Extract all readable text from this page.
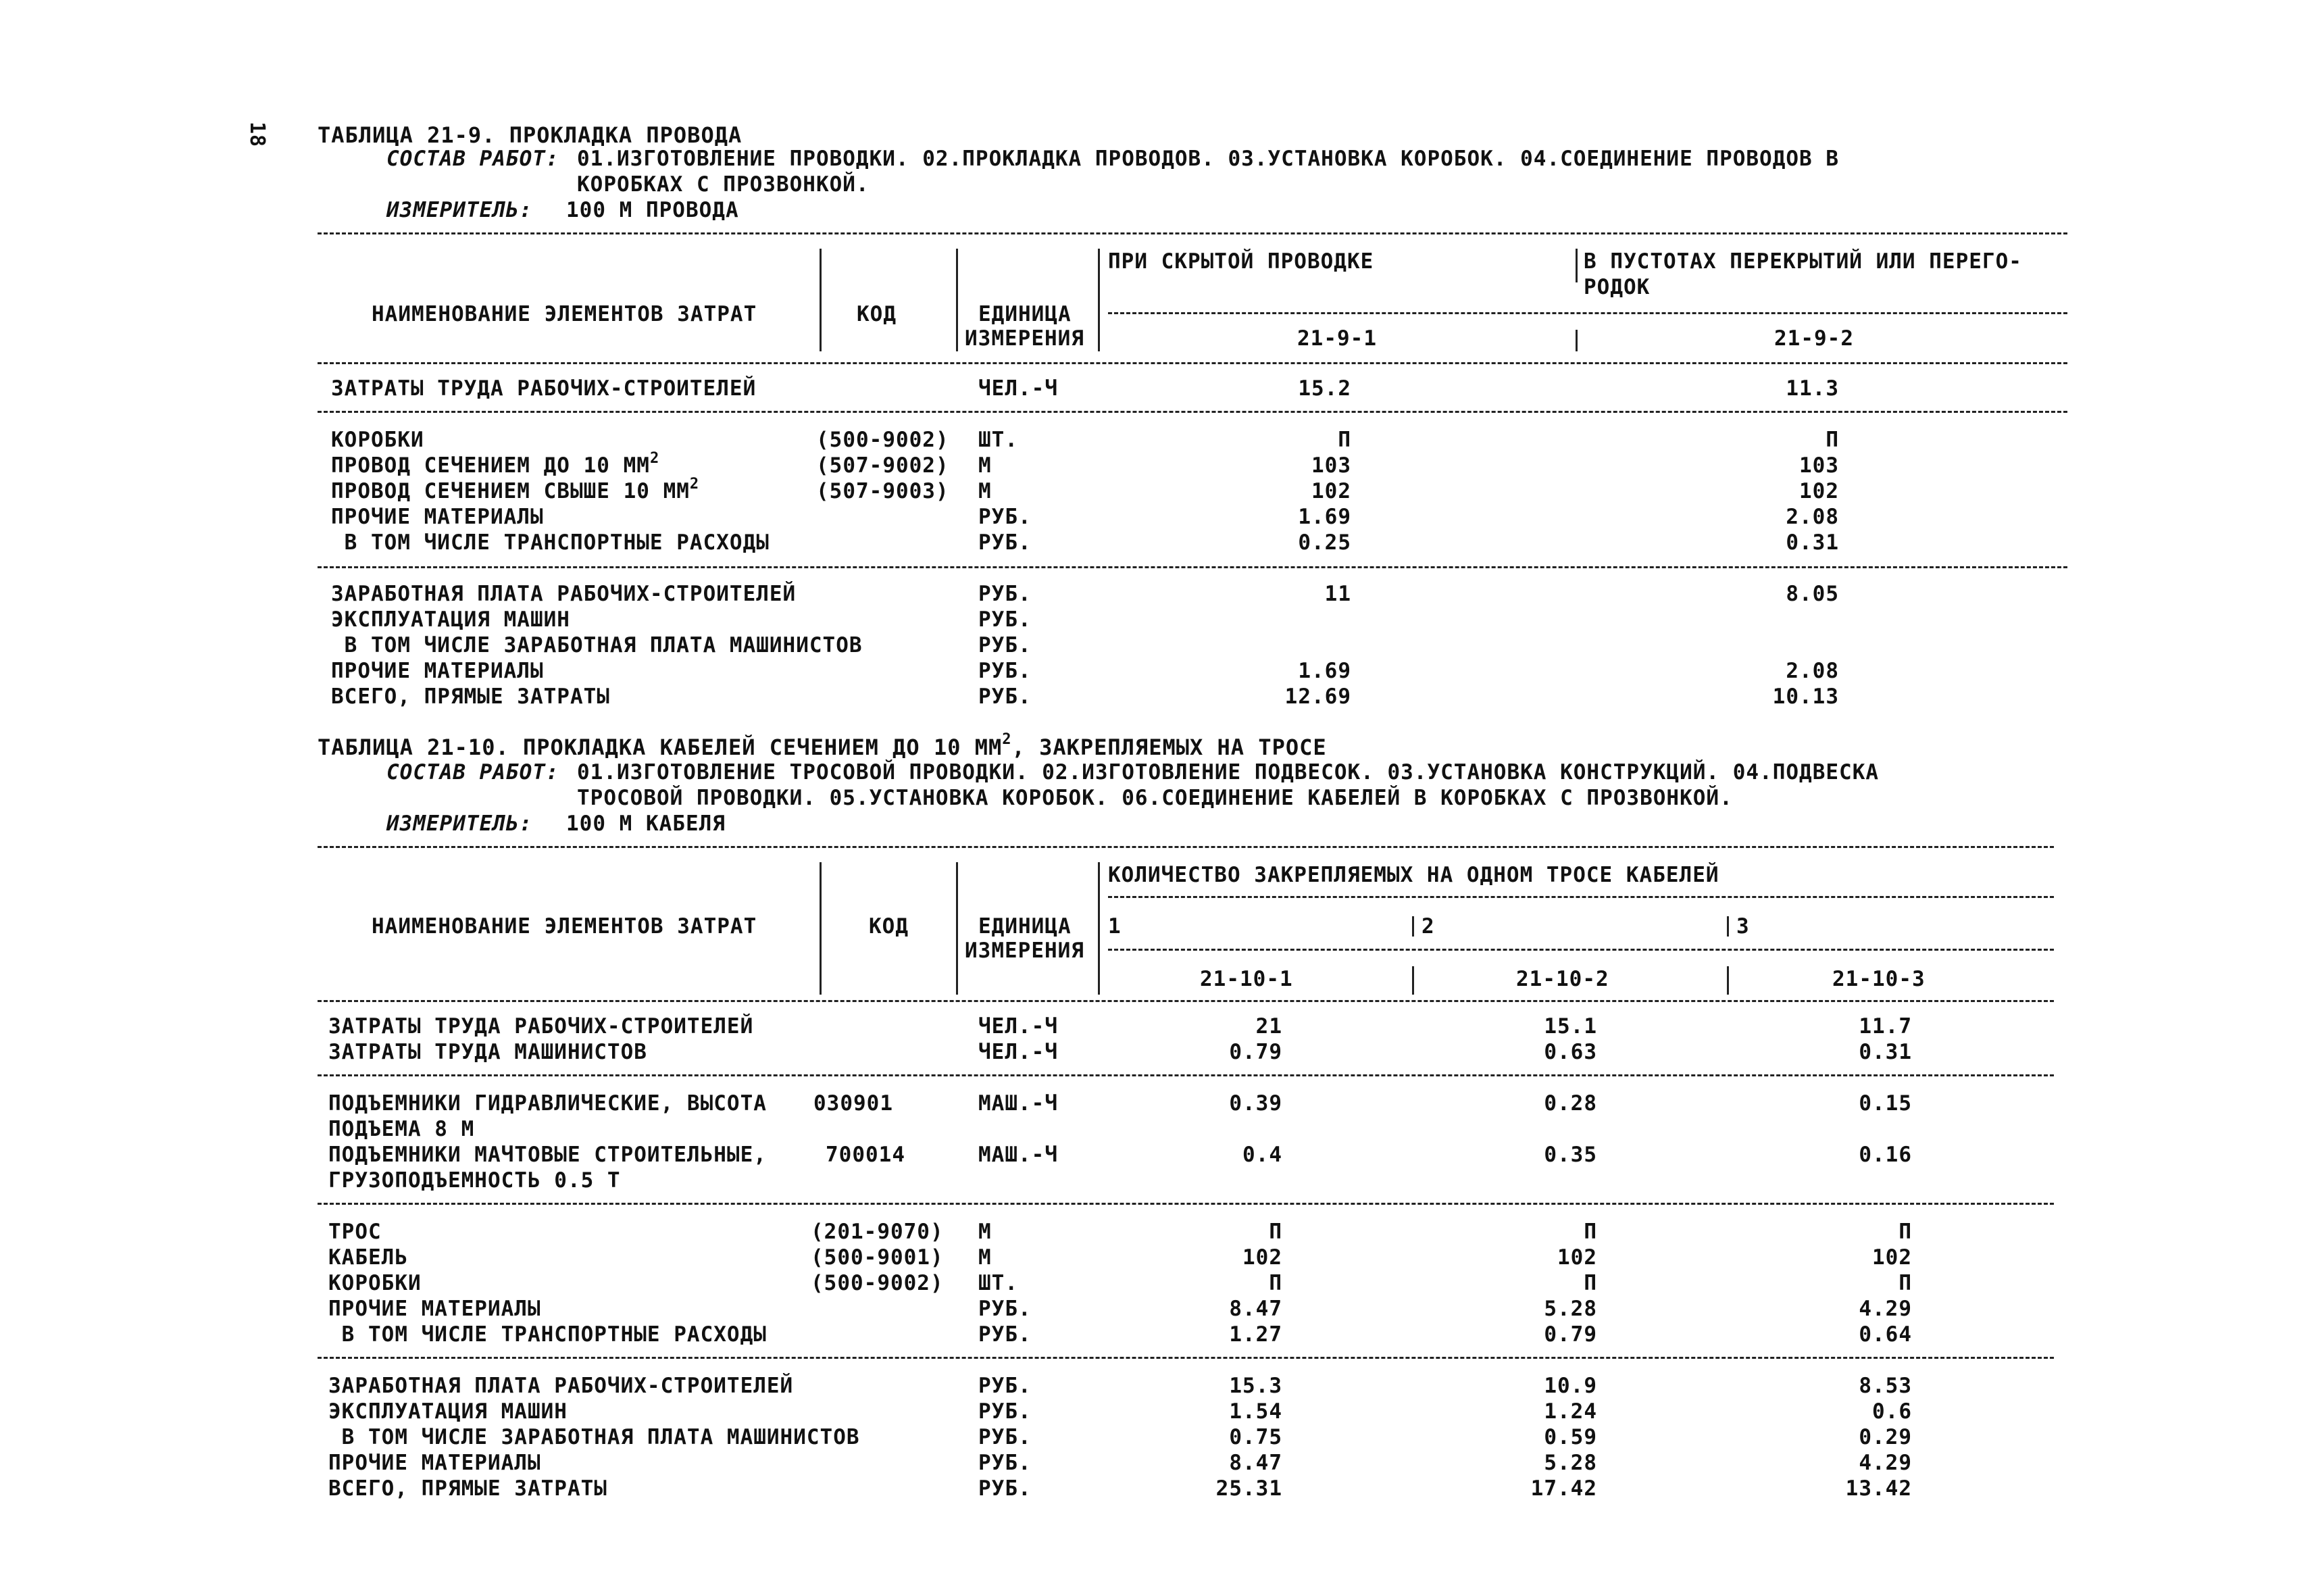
18 ТАБЛИЦА 21-9. ПРОКЛАДКА ПРОВОДА
СОСТАВ РАБОТ: 01.ИЗГОТОВЛЕНИЕ ПРОВОДКИ. 02.ПРОКЛАДКА ПРОВОДОВ. 03.УСТАНОВКА КОРОБОК. 04.СОЕДИНЕНИЕ ПРОВОДОВ В
КОРОБКАХ С ПРОЗВОНКОЙ.
ИЗМЕРИТЕЛЬ: 100 М ПРОВОДА
ПРИ СКРЫТОЙ ПРОВОДКЕ	В ПУСТОТАХ ПЕРЕКРЫТИЙ ИЛИ ПЕРЕГО-
РОДОК
НАИМЕНОВАНИЕ ЭЛЕМЕНТОВ ЗАТРАТ	КОД	ЕДИНИЦА
ИЗМЕРЕНИЯ	21-9-1	21-9-2
ЗАТРАТЫ ТРУДА РАБОЧИХ-СТРОИТЕЛЕЙ	ЧЕЛ.-Ч	15.2	11.3
КОРОБКИ	(500-9002) ШТ.	П	П
ПРОВОД СЕЧЕНИЕМ ДО 10 $ММ^2$	(507-9002) М	103	103
ПРОВОД СЕЧЕНИЕМ СВЫШЕ 10 $ММ^2$	(507-9003) М	102	102
ПРОЧИЕ МАТЕРИАЛЫ	РУБ.	1.69	2.08
В ТОМ ЧИСЛЕ ТРАНСПОРТНЫЕ РАСХОДЫ	РУБ.	0.25	0.31
ЗАРАБОТНАЯ ПЛАТА РАБОЧИХ-СТРОИТЕЛЕЙ	РУБ.	11	8.05
ЭКСПЛУАТАЦИЯ МАШИН	РУБ.
В ТОМ ЧИСЛЕ ЗАРАБОТНАЯ ПЛАТА МАШИНИСТОВ	РУБ.
ПРОЧИЕ МАТЕРИАЛЫ	РУБ.	1.69	2.08
ВСЕГО, ПРЯМЫЕ ЗАТРАТЫ	РУБ.	12.69	10.13
ТАБЛИЦА 21-10. ПРОКЛАДКА КАБЕЛЕЙ СЕЧЕНИЕМ ДО 10 $ММ^2$, ЗАКРЕПЛЯЕМЫХ НА ТРОСЕ
СОСТАВ РАБОТ: 01.ИЗГОТОВЛЕНИЕ ТРОСОВОЙ ПРОВОДКИ. 02.ИЗГОТОВЛЕНИЕ ПОДВЕСОК. 03.УСТАНОВКА КОНСТРУКЦИЙ. 04.ПОДВЕСКА
ТРОСОВОЙ ПРОВОДКИ. 05.УСТАНОВКА КОРОБОК. 06.СОЕДИНЕНИЕ КАБЕЛЕЙ В КОРОБКАХ С ПРОЗВОНКОЙ.
ИЗМЕРИТЕЛЬ: 100 М КАБЕЛЯ
КОЛИЧЕСТВО ЗАКРЕПЛЯЕМЫХ НА ОДНОМ ТРОСЕ КАБЕЛЕЙ
НАИМЕНОВАНИЕ ЭЛЕМЕНТОВ ЗАТРАТ	КОД	ЕДИНИЦА
ИЗМЕРЕНИЯ
1	2	3
21-10-1	21-10-2	21-10-3
ЗАТРАТЫ ТРУДА РАБОЧИХ-СТРОИТЕЛЕЙ	ЧЕЛ.-Ч	21	15.1	11.7
ЗАТРАТЫ ТРУДА МАШИНИСТОВ	ЧЕЛ.-Ч	0.79	0.63	0.31
ПОДЪЕМНИКИ ГИДРАВЛИЧЕСКИЕ, ВЫСОТА
ПОДЪЕМА 8 М
030901	МАШ.-Ч	0.39	0.28	0.15
ПОДЪЕМНИКИ МАЧТОВЫЕ СТРОИТЕЛЬНЫЕ,
ГРУЗОПОДЪЕМНОСТЬ 0.5 Т
700014	МАШ.-Ч	0.4	0.35	0.16
ТРОС	(201-9070) М	П	П	П
КАБЕЛЬ	(500-9001) М	102	102	102
КОРОБКИ	(500-9002) ШТ.	П	П	П
ПРОЧИЕ МАТЕРИАЛЫ	РУБ.	8.47	5.28	4.29
В ТОМ ЧИСЛЕ ТРАНСПОРТНЫЕ РАСХОДЫ	РУБ.	1.27	0.79	0.64
ЗАРАБОТНАЯ ПЛАТА РАБОЧИХ-СТРОИТЕЛЕЙ	РУБ.	15.3	10.9	8.53
ЭКСПЛУАТАЦИЯ МАШИН	РУБ.	1.54	1.24	0.6
В ТОМ ЧИСЛЕ ЗАРАБОТНАЯ ПЛАТА МАШИНИСТОВ	РУБ.	0.75	0.59	0.29
ПРОЧИЕ МАТЕРИАЛЫ	РУБ.	8.47	5.28	4.29
ВСЕГО, ПРЯМЫЕ ЗАТРАТЫ	РУБ.	25.31	17.42	13.42
